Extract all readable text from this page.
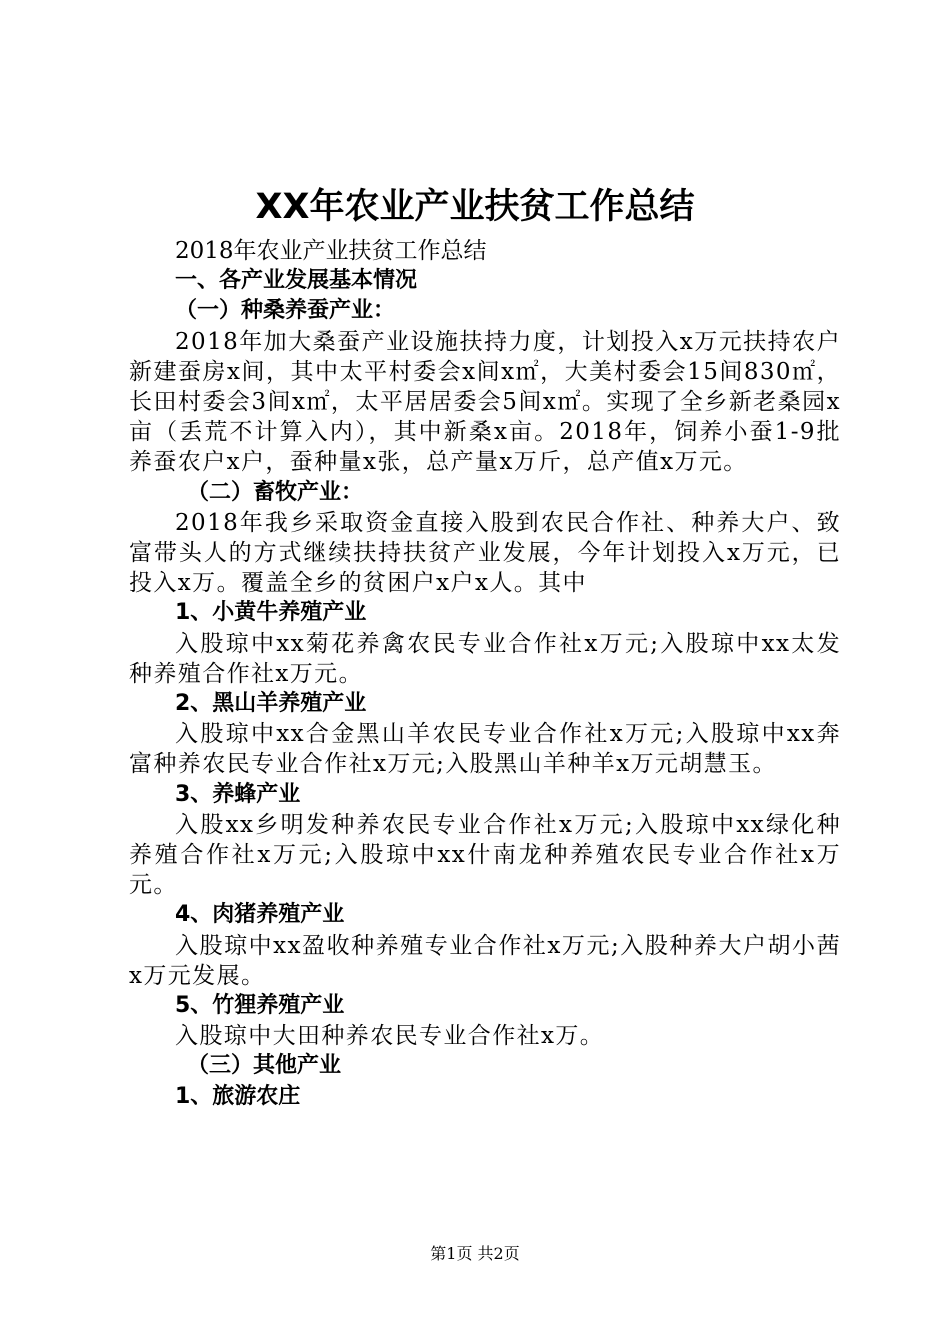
XX年农业产业扶贫工作总结
2018年农业产业扶贫工作总结
一、各产业发展基本情况
（一）种桑养蚕产业：

2018年加大桑蚕产业设施扶持力度，计划投入x万元扶持农户新建蚕房x间，其中太平村委会x间x㎡，大美村委会15间830㎡，长田村委会3间x㎡，太平居居委会5间x㎡。实现了全乡新老桑园x亩（丢荒不计算入内），其中新桑x亩。2018年，饲养小蚕1-9批养蚕农户x户，蚕种量x张，总产量x万斤，总产值x万元。

（二）畜牧产业：

2018年我乡采取资金直接入股到农民合作社、种养大户、致富带头人的方式继续扶持扶贫产业发展，今年计划投入x万元，已投入x万。覆盖全乡的贫困户x户x人。其中

1、小黄牛养殖产业

入股琼中xx菊花养禽农民专业合作社x万元;入股琼中xx太发种养殖合作社x万元。

2、黑山羊养殖产业

入股琼中xx合金黑山羊农民专业合作社x万元;入股琼中xx奔富种养农民专业合作社x万元;入股黑山羊种羊x万元胡慧玉。

3、养蜂产业

入股xx乡明发种养农民专业合作社x万元;入股琼中xx绿化种养殖合作社x万元;入股琼中xx什南龙种养殖农民专业合作社x万元。

4、肉猪养殖产业

入股琼中xx盈收种养殖专业合作社x万元;入股种养大户胡小茜x万元发展。

5、竹狸养殖产业

入股琼中大田种养农民专业合作社x万。

（三）其他产业
1、旅游农庄
第1页 共2页
